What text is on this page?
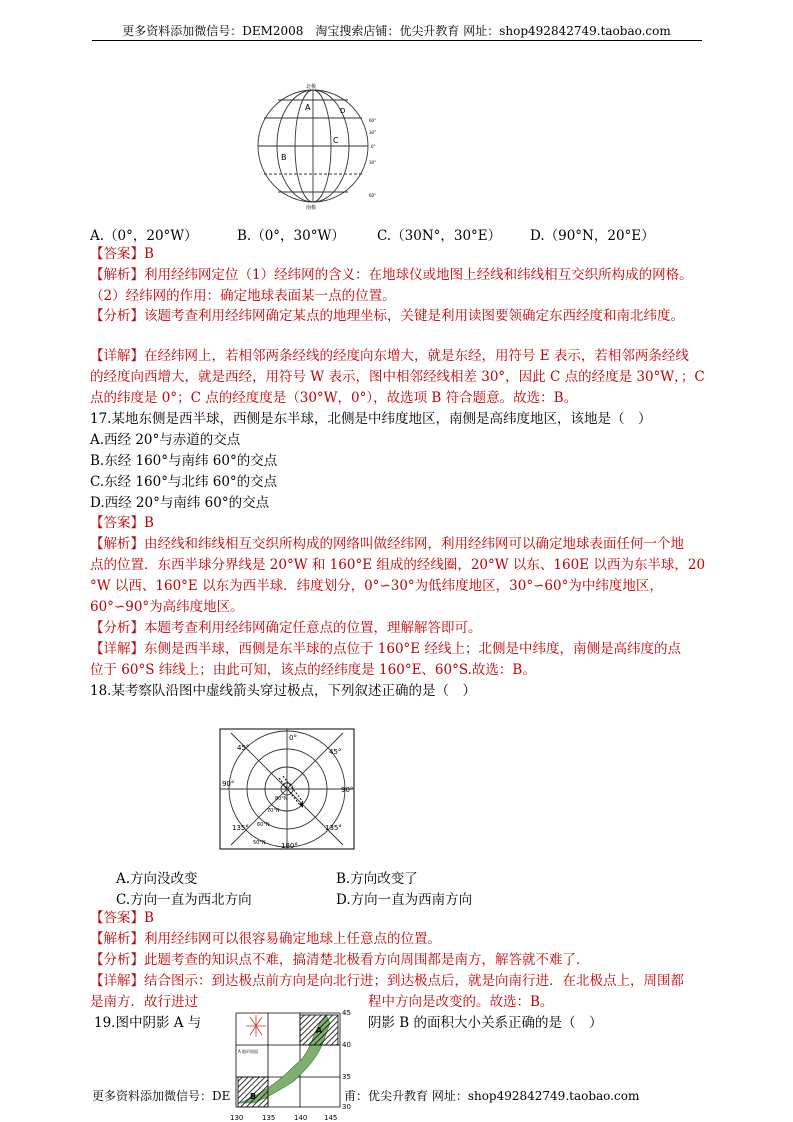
更多资料添加微信号：DEM2008　淘宝搜索店铺：优尖升教育 网址：shop492842749.taobao.com
北极
南极
A
C
B
D
60°
30°
0°
30°
60°
A.（0°，20°W）	B.（0°，30°W） C.（30N°，30°E） D.（90°N，20°E）
【答案】B
【解析】利用经纬网定位（1）经纬网的含义：在地球仪或地图上经线和纬线相互交织所构成的网格。
（2）经纬网的作用：确定地球表面某一点的位置。
【分析】该题考查利用经纬网确定某点的地理坐标，关键是利用读图要领确定东西经度和南北纬度。
【详解】在经纬网上，若相邻两条经线的经度向东增大，就是东经，用符号 E 表示，若相邻两条经线
的经度向西增大，就是西经，用符号 W 表示，图中相邻经线相差 30°，因此 C 点的经度是 30°W，；C
点的纬度是 0°；C 点的经度度是（30°W，0°），故选项 B 符合题意。故选：B。
17.某地东侧是西半球，西侧是东半球，北侧是中纬度地区，南侧是高纬度地区，该地是（　）
A.西经 20°与赤道的交点
B.东经 160°与南纬 60°的交点
C.东经 160°与北纬 60°的交点
D.西经 20°与南纬 60°的交点
【答案】B
【解析】由经线和纬线相互交织所构成的网络叫做经纬网，利用经纬网可以确定地球表面任何一个地
点的位置．东西半球分界线是 20°W 和 160°E 组成的经线圈，20°W 以东、160E 以西为东半球，20
°W 以西、160°E 以东为西半球．纬度划分，0°∽30°为低纬度地区，30°∽60°为中纬度地区，
60°∽90°为高纬度地区。
【分析】本题考查利用经纬网确定任意点的位置，理解解答即可。
【详解】东侧是西半球，西侧是东半球的点位于 160°E 经线上；北侧是中纬度，南侧是高纬度的点
位于 60°S 纬线上；由此可知，该点的经纬度是 160°E、60°S.故选：B。
18.某考察队沿图中虚线箭头穿过极点，下列叙述正确的是（　）
0°
45°	45°
90°
90°
135°	135°
180°
80°N
70°N
60°N
50°N
A.方向没改变	B.方向改变了
C.方向一直为西北方向	D.方向一直为西南方向
【答案】B
【解析】利用经纬网可以很容易确定地球上任意点的位置。
【分析】此题考查的知识点不难，搞清楚北极看方向周围都是南方，解答就不难了．
【详解】结合图示：到达极点前方向是向北行进；到达极点后，就是向南行进．在北极点上，周围都
是南方．故行进过	程中方向是改变的。故选：B。
19.图中阴影 A 与	阴影 B 的面积大小关系正确的是（　）
A 地形图面
45
40
35
30
A
B
130	135	140 145
更多资料添加微信号：DE	甫：优尖升教育 网址：shop492842749.taobao.com
